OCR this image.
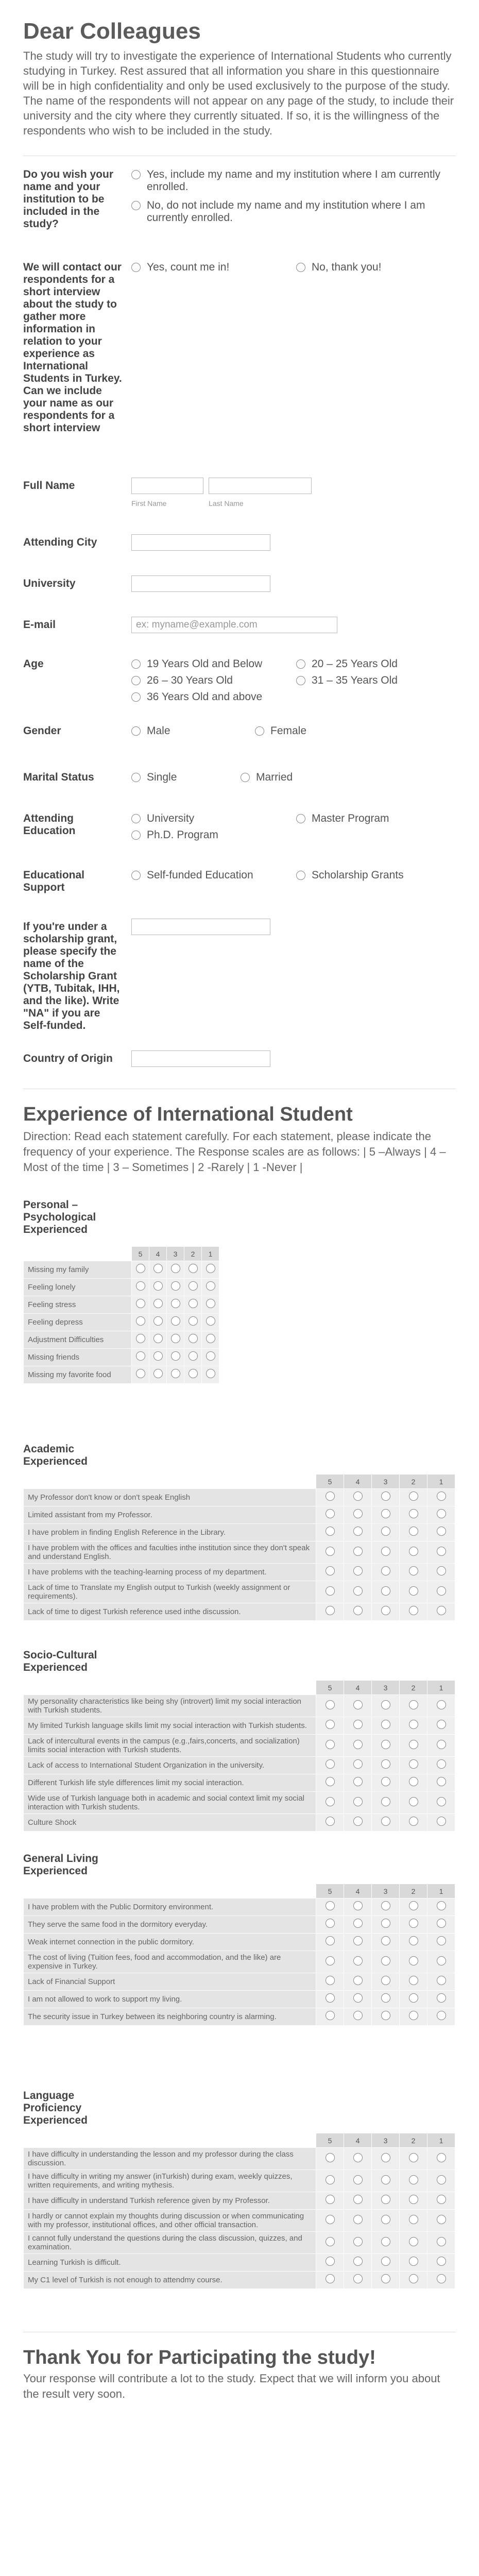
Dear Colleagues

The study will try to investigate the experience of International Students who currently studying in Turkey. Rest assured that all information you share in this questionnaire will be in high confidentiality and only be used exclusively to the purpose of the study. The name of the respondents will not appear on any page of the study, to include their university and the city where they currently situated. If so, it is the willingness of the respondents who wish to be included in the study.

Do you wish your name and your institution to be included in the study?
Yes, include my name and my institution where I am currently enrolled.
No, do not include my name and my institution where I am currently enrolled.
We will contact our respondents for a short interview about the study to gather more information in relation to your experience as International Students in Turkey. Can we include your name as our respondents for a short interview
Yes, count me in!	No, thank you!
Full Name
First Name	Last Name
Attending City
University
E-mail	ex: myname@example.com
Age	19 Years Old and Below	20 – 25 Years Old
26 – 30 Years Old	31 – 35 Years Old
36 Years Old and above
Gender	Male	Female
Marital Status	Single	Married
Attending Education
University	Master Program
Ph.D. Program
Educational Support
Self-funded Education	Scholarship Grants
If you're under a scholarship grant, please specify the name of the Scholarship Grant (YTB, Tubitak, IHH, and the like). Write "NA" if you are Self-funded.
Country of Origin
Experience of International Student

Direction: Read each statement carefully. For each statement, please indicate the frequency of your experience. The Response scales are as follows: | 5 –Always | 4 – Most of the time | 3 – Sometimes | 2 -Rarely | 1 -Never |

Personal – Psychological Experienced
	5	4	3	2	1
Missing my family					
Feeling lonely					
Feeling stress					
Feeling depress					
Adjustment Difficulties					
Missing friends					
Missing my favorite food					
Academic Experienced
	5	4	3	2	1
My Professor don't know or don't speak English					
Limited assistant from my Professor.					
I have problem in finding English Reference in the Library.					
I have problem with the offices and faculties inthe institution since they don't speak and understand English.					
I have problems with the teaching-learning process of my department.					
Lack of time to Translate my English output to Turkish (weekly assignment or requirements).					
Lack of time to digest Turkish reference used inthe discussion.					
Socio-Cultural Experienced
	5	4	3	2	1
My personality characteristics like being shy (introvert) limit my social interaction with Turkish students.					
My limited Turkish language skills limit my social interaction with Turkish students.					
Lack of intercultural events in the campus (e.g.,fairs,concerts, and socialization) limits social interaction with Turkish students.					
Lack of access to International Student Organization in the university.					
Different Turkish life style differences limit my social interaction.					
Wide use of Turkish language both in academic and social context limit my social interaction with Turkish students.					
Culture Shock					
General Living Experienced
	5	4	3	2	1
I have problem with the Public Dormitory environment.					
They serve the same food in the dormitory everyday.					
Weak internet connection in the public dormitory.					
The cost of living (Tuition fees, food and accommodation, and the like) are expensive in Turkey.					
Lack of Financial Support					
I am not allowed to work to support my living.					
The security issue in Turkey between its neighboring country is alarming.					
Language Proficiency Experienced
	5	4	3	2	1
I have difficulty in understanding the lesson and my professor during the class discussion.					
I have difficulty in writing my answer (inTurkish) during exam, weekly quizzes, written requirements, and writing mythesis.					
I have difficulty in understand Turkish reference given by my Professor.					
I hardly or cannot explain my thoughts during discussion or when communicating with my professor, institutional offices, and other official transaction.					
I cannot fully understand the questions during the class discussion, quizzes, and examination.					
Learning Turkish is difficult.					
My C1 level of Turkish is not enough to attendmy course.					
Thank You for Participating the study!

Your response will contribute a lot to the study. Expect that we will inform you about the result very soon.
